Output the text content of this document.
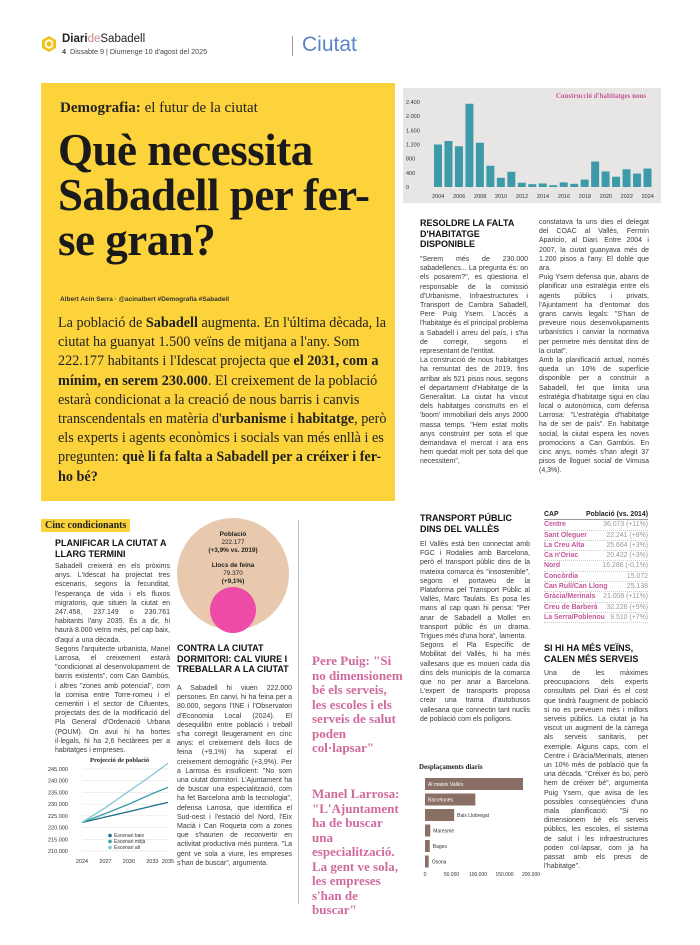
DiarideSabadell
4 Dissabte 9 | Diumenge 10 d'agost del 2025	Ciutat
Demografia: el futur de la ciutat
Què necessita Sabadell per fer-se gran?
Albert Acín Serra · @acinalbert #Demografia #Sabadell
La població de Sabadell augmenta. En l'última dècada, la ciutat ha guanyat 1.500 veïns de mitjana a l'any. Som 222.177 habitants i l'Idescat projecta que el 2031, com a mínim, en serem 230.000. El creixement de la població estarà condicionat a la creació de nous barris i canvis transcendentals en matèria d'urbanisme i habitatge, però els experts i agents econòmics i socials van més enllà i es pregunten: què li fa falta a Sabadell per a créixer i fer-ho bé?
Construcció d'habitatges nous
2.400
2.000
1.600
1.200
800
400
0
2004 2006 2008 2010 2012 2014 2016 2018 2020 2022 2024
RESOLDRE LA FALTA D'HABITATGE DISPONIBLE
"Serem més de 230.000 sabadellencs... La pregunta és: on els posarem?", es qüestiona el responsable de la comissió d'Urbanisme, Infraestructures i Transport de Cambra Sabadell, Pere Puig Ysern. L'accés a l'habitatge és el principal problema a Sabadell i arreu del país, i s'ha de corregir, segons el representant de l'entitat.
La construcció de nous habitatges ha remuntat des de 2019, fins arribar als 521 pisos nous, segons el departament d'Habitatge de la Generalitat. La ciutat ha viscut dels habitatges construïts en el 'boom' immobiliari dels anys 2000 massa temps. "Hem estat molts anys construint per sota el que demandava el mercat i ara ens hem quedat molt per sota del que necessitem",
constatava fa uns dies el delegat del COAC al Vallès, Fermín Aparicio, al Diari. Entre 2004 i 2007, la ciutat guanyava més de 1.200 pisos a l'any. El doble que ara.
Puig Ysern defensa que, abans de planificar una estratègia entre els agents públics i privats, l'Ajuntament ha d'entomar dos grans canvis legals: "S'han de preveure nous desenvolupaments urbanístics i canviar la normativa per permetre més densitat dins de la ciutat".
Amb la planificació actual, només queda un 10% de superfície disponible per a construir a Sabadell, fet que limita una estratègia d'habitatge sigui en clau local o autonòmica, com defensa Larrosa: "L'estratègia d'habitatge ha de ser de país". En habitatge social, la ciutat espera les noves promocions a Can Gambús. En cinc anys, només s'han afegit 37 pisos de lloguer social de Vimusa (4,3%).
Cinc condicionants
PLANIFICAR LA CIUTAT A LLARG TERMINI
Sabadell creixerà en els pròxims anys. L'Idescat ha projectat tres escenaris, segons la fecunditat, l'esperança de vida i els fluxos migratoris, que situen la ciutat en 247.458, 237.149 o 230.761 habitants l'any 2035. És a dir, hi haurà 8.000 veïns més, pel cap baix, d'aquí a una dècada.
Segons l'arquitecte urbanista, Manel Larrosa, el creixement estarà "condicionat al desenvolupament de barris existents", com Can Gambús, i altres "zones amb potencial", com la cornisa entre Torre-romeu i el cementiri i el sector de Cifuentes, projectats des de la modificació del Pla General d'Ordenació Urbana (POUM). On avui hi ha hortes il·legals, hi ha 2,6 hectàrees per a habitatges i empreses.
Projecció de població
245.000
240.000
235.000
230.000
225.000
220.000
215.000
210.000
2024 2027 2030 2033 2035
Escenari baix
Escenari mitjà
Escenari alt
Població
222.177
(+3,9% vs. 2019)
Llocs de feina
79.370
(+9,1%)
CONTRA LA CIUTAT DORMITORI: CAL VIURE I TREBALLAR A LA CIUTAT
A Sabadell hi viuen 222.000 persones. En canvi, hi ha feina per a 80.000, segons l'INE i l'Observatori d'Economia Local (2024). El desequilibri entre població i treball s'ha corregit lleugerament en cinc anys: el creixement dels llocs de feina (+9,1%) ha superat el creixement demogràfic (+3,9%). Per a Larrosa és insuficient: "No som una ciutat dormitori. L'Ajuntament ha de buscar una especialització, com ha fet Barcelona amb la tecnologia", defensa Larrosa, que identifica el Sud-oest i l'estació del Nord, l'Eix Macià i Can Roqueta com a zones que s'haurien de reconvertir en activitat productiva més puntera. "La gent ve sola a viure, les empreses s'han de buscar", argumenta.
Pere Puig: "Si no dimensionem bé els serveis, les escoles i els serveis de salut poden col·lapsar"
Manel Larrosa: "L'Ajuntament ha de buscar una especialització. La gent ve sola, les empreses s'han de buscar"
TRANSPORT PÚBLIC DINS DEL VALLÈS
El Vallès està ben connectat amb FGC i Rodalies amb Barcelona, però el transport públic dins de la mateixa comarca és "insostenible", segons el portaveu de la Plataforma pel Transport Públic al Vallès, Marc Taulats. Es posa les mans al cap quan hi pensa: "Per anar de Sabadell a Mollet en transport públic és un drama. Trigues més d'una hora", lamenta.
Segons el Pla Específic de Mobilitat del Vallès, hi ha més vallesans que es mouen cada dia dins dels municipis de la comarca que no per anar a Barcelona. L'expert de transports proposa crear una trama d'autobusos vallesana que connectin tant nuclis de població com els polígons.
Desplaçaments diaris
Al mateix Vallès
Barcelonès
Baix Llobregat
Maresme
Bages
Osona
0	50.000 100.000 150.000 200.000
CAP	Població (vs. 2014)
Centre	36.073 (+11%)
Sant Oleguer	22.241 (+8%)
La Creu Alta	25.664 (+3%)
Ca n'Oriac	20.422 (+3%)
Nord	16.286 (-0,1%)
Concòrdia	15.072
Can Rull/Can Llong	25.138
Gràcia/Merinals 21.008 (+11%)
Creu de Barberà 32.226 (+5%)
La Serra/Poblenou 9.510 (+7%)
SI HI HA MÉS VEÏNS, CALEN MÉS SERVEIS
Una de les màximes preocupacions dels experts consultats pel Diari és el cost que tindrà l'augment de població si no es preveuen més i millors serveis públics. La ciutat ja ha viscut un augment de la càrrega als serveis sanitaris, per exemple. Alguns caps, com el Centre i Gràcia/Merinals, atenen un 10% més de població que fa una dècada. "Créixer és bo, però hem de créixer bé", argumenta Puig Ysern, que avisa de les possibles conseqüències d'una mala planificació: "Si no dimensionem bé els serveis públics, les escoles, el sistema de salut i les infraestructures poden col·lapsar, com ja ha passat amb els preus de l'habitatge".
